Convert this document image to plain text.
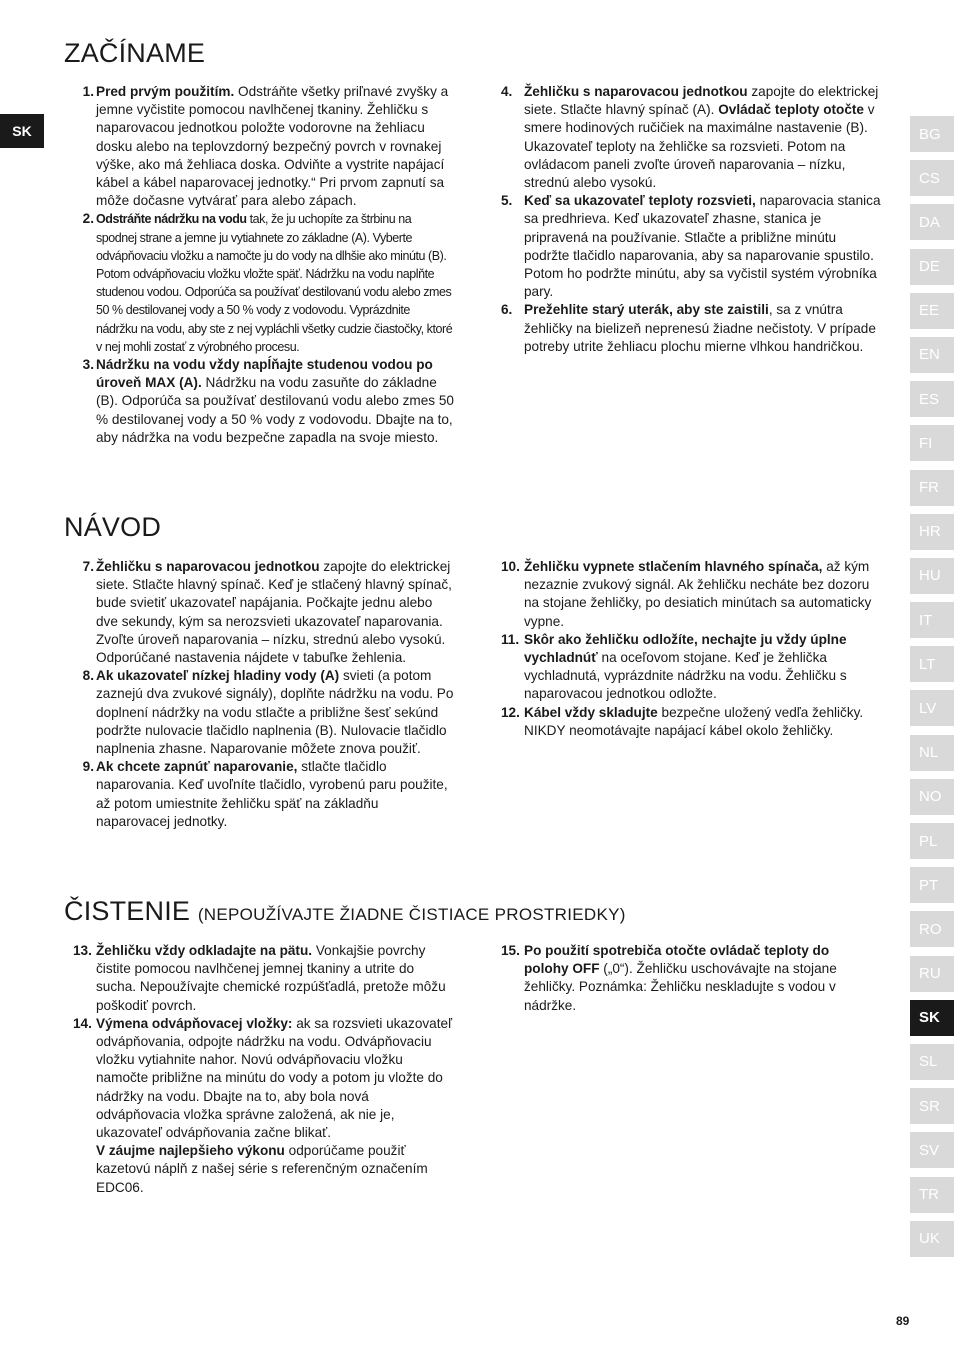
SK
ZAČÍNAME
1. Pred prvým použitím. Odstráňte všetky priľnavé zvyšky a jemne vyčistite pomocou navlhčenej tkaniny. Žehličku s naparovacou jednotkou položte vodorovne na žehliacu dosku alebo na teplovzdorný bezpečný povrch v rovnakej výške, ako má žehliaca doska. Odviňte a vystrite napájací kábel a kábel naparovacej jednotky.“ Pri prvom zapnutí sa môže dočasne vytvárať para alebo zápach.
2. Odstráňte nádržku na vodu tak, že ju uchopíte za štrbinu na spodnej strane a jemne ju vytiahnete zo základne (A). Vyberte odvápňovaciu vložku a namočte ju do vody na dlhšie ako minútu (B). Potom odvápňovaciu vložku vložte späť. Nádržku na vodu naplňte studenou vodou. Odporúča sa používať destilovanú vodu alebo zmes 50 % destilovanej vody a 50 % vody z vodovodu. Vyprázdnite nádržku na vodu, aby ste z nej vypláchli všetky cudzie čiastočky, ktoré v nej mohli zostať z výrobného procesu.
3. Nádržku na vodu vždy napĺňajte studenou vodou po úroveň MAX (A). Nádržku na vodu zasuňte do základne (B). Odporúča sa používať destilovanú vodu alebo zmes 50 % destilovanej vody a 50 % vody z vodovodu. Dbajte na to, aby nádržka na vodu bezpečne zapadla na svoje miesto.
4. Žehličku s naparovacou jednotkou zapojte do elektrickej siete. Stlačte hlavný spínač (A). Ovládač teploty otočte v smere hodinových ručičiek na maximálne nastavenie (B). Ukazovateľ teploty na žehličke sa rozsvieti. Potom na ovládacom paneli zvoľte úroveň naparovania – nízku, strednú alebo vysokú.
5. Keď sa ukazovateľ teploty rozsvieti, naparovacia stanica sa predhrieva. Keď ukazovateľ zhasne, stanica je pripravená na používanie. Stlačte a približne minútu podržte tlačidlo naparovania, aby sa naparovanie spustilo. Potom ho podržte minútu, aby sa vyčistil systém výrobníka pary.
6. Prežehlite starý uterák, aby ste zaistili, sa z vnútra žehličky na bielizeň neprenesú žiadne nečistoty. V prípade potreby utrite žehliacu plochu mierne vlhkou handričkou.
NÁVOD
7. Žehličku s naparovacou jednotkou zapojte do elektrickej siete. Stlačte hlavný spínač. Keď je stlačený hlavný spínač, bude svietiť ukazovateľ napájania. Počkajte jednu alebo dve sekundy, kým sa nerozsvieti ukazovateľ naparovania. Zvoľte úroveň naparovania – nízku, strednú alebo vysokú. Odporúčané nastavenia nájdete v tabuľke žehlenia.
8. Ak ukazovateľ nízkej hladiny vody (A) svieti (a potom zaznejú dva zvukové signály), doplňte nádržku na vodu. Po doplnení nádržky na vodu stlačte a približne šesť sekúnd podržte nulovacie tlačidlo naplnenia (B). Nulovacie tlačidlo naplnenia zhasne. Naparovanie môžete znova použiť.
9. Ak chcete zapnúť naparovanie, stlačte tlačidlo naparovania. Keď uvoľníte tlačidlo, vyrobenú paru použite, až potom umiestnite žehličku späť na základňu naparovacej jednotky.
10. Žehličku vypnete stlačením hlavného spínača, až kým nezaznie zvukový signál. Ak žehličku necháte bez dozoru na stojane žehličky, po desiatich minútach sa automaticky vypne.
11. Skôr ako žehličku odložíte, nechajte ju vždy úplne vychladnúť na oceľovom stojane. Keď je žehlička vychladnutá, vyprázdnite nádržku na vodu. Žehličku s naparovacou jednotkou odložte.
12. Kábel vždy skladujte bezpečne uložený vedľa žehličky. NIKDY neomotávajte napájací kábel okolo žehličky.
ČISTENIE (NEPOUŽÍVAJTE ŽIADNE ČISTIACE PROSTRIEDKY)
13. Žehličku vždy odkladajte na pätu. Vonkajšie povrchy čistite pomocou navlhčenej jemnej tkaniny a utrite do sucha. Nepoužívajte chemické rozpúšťadlá, pretože môžu poškodiť povrch.
14. Výmena odvápňovacej vložky: ak sa rozsvieti ukazovateľ odvápňovania, odpojte nádržku na vodu. Odvápňovaciu vložku vytiahnite nahor. Novú odvápňovaciu vložku namočte približne na minútu do vody a potom ju vložte do nádržky na vodu. Dbajte na to, aby bola nová odvápňovacia vložka správne založená, ak nie je, ukazovateľ odvápňovania začne blikať.
V záujme najlepšieho výkonu odporúčame použiť kazetovú náplň z našej série s referenčným označením EDC06.
15. Po použití spotrebiča otočte ovládač teploty do polohy OFF („0“). Žehličku uschovávajte na stojane žehličky. Poznámka: Žehličku neskladujte s vodou v nádržke.
BG
CS
DA
DE
EE
EN
ES
FI
FR
HR
HU
IT
LT
LV
NL
NO
PL
PT
RO
RU
SK
SL
SR
SV
TR
UK
89
